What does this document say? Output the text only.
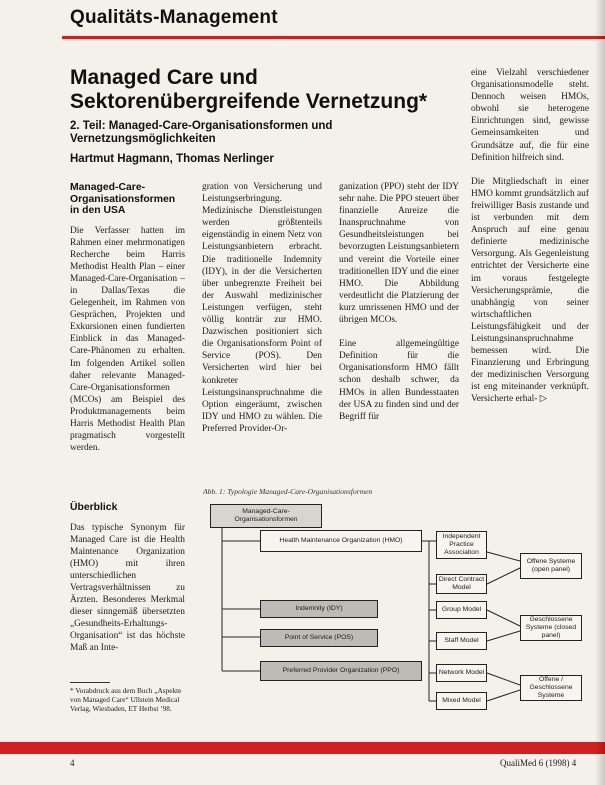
Qualitäts-Management
Managed Care und Sektorenübergreifende Vernetzung*
2. Teil: Managed-Care-Organisationsformen und Vernetzungsmöglichkeiten
Hartmut Hagmann, Thomas Nerlinger
Managed-Care-Organisationsformen in den USA

Die Verfasser hatten im Rahmen einer mehrmonatigen Recherche beim Harris Methodist Health Plan – einer Managed-Care-Organisation – in Dallas/Texas die Gelegenheit, im Rahmen von Gesprächen, Projekten und Exkursionen einen fundierten Einblick in das Managed-Care-Phänomen zu erhalten. Im folgenden Artikel sollen daher relevante Managed-Care-Organisationsformen (MCOs) am Beispiel des Produktmanagements beim Harris Methodist Health Plan pragmatisch vorgestellt werden.

Überblick

Das typische Synonym für Managed Care ist die Health Maintenance Organization (HMO) mit ihren unterschiedlichen Vertragsverhältnissen zu Ärzten. Besonderes Merkmal dieser sinngemäß übersetzten „Gesundheits-Erhaltungs-Organisation“ ist das höchste Maß an Inte-

gration von Versicherung und Leistungserbringung. Medizinische Dienstleistungen werden größtenteils eigenständig in einem Netz von Leistungsanbietern erbracht. Die traditionelle Indemnity (IDY), in der die Versicherten über unbegrenzte Freiheit bei der Auswahl medizinischer Leistungen verfügen, steht völlig konträr zur HMO. Dazwischen positioniert sich die Organisationsform Point of Service (POS). Den Versicherten wird hier bei konkreter Leistungsinanspruchnahme die Option eingeräumt, zwischen IDY und HMO zu wählen. Die Preferred Provider-Or-

ganization (PPO) steht der IDY sehr nahe. Die PPO steuert über finanzielle Anreize die Inanspruchnahme von Gesundheitsleistungen bei bevorzugten Leistungsanbietern und vereint die Vorteile einer traditionellen IDY und die einer HMO. Die Abbildung verdeutlicht die Platzierung der kurz umrissenen HMO und der übrigen MCOs.

Eine allgemeingültige Definition für die Organisationsform HMO fällt schon deshalb schwer, da HMOs in allen Bundesstaaten der USA zu finden sind und der Begriff für

eine Vielzahl verschiedener Organisationsmodelle steht. Dennoch weisen HMOs, obwohl sie heterogene Einrichtungen sind, gewisse Gemeinsamkeiten und Grundsätze auf, die für eine Definition hilfreich sind.

Die Mitgliedschaft in einer HMO kommt grundsätzlich auf freiwilliger Basis zustande und ist verbunden mit dem Anspruch auf eine genau definierte medizinische Versorgung. Als Gegenleistung entrichtet der Versicherte eine im voraus festgelegte Versicherungsprämie, die unabhängig von seiner wirtschaftlichen Leistungsfähigkeit und der Leistungsinanspruchnahme bemessen wird. Die Finanzierung und Erbringung der medizinischen Versorgung ist eng miteinander verknüpft. Versicherte erhal- ▷

* Vorabdruck aus dem Buch „Aspekte von Managed Care“ Ullstein Medical Verlag, Wiesbaden, ET Herbst ’98.
Abb. 1: Typologie Managed-Care-Organisationsformen
Managed-Care-Organisationsformen
Health Maintenance Organization (HMO)
Indemnity (IDY)
Point of Service (POS)
Preferred Provider Organization (PPO)
Independent Practice Association
Direct Contract Model
Group Model
Staff Model
Network Model
Mixed Model
Offene Systeme (open panel)
Geschlossene Systeme (closed panel)
Offene / Geschlossene Systeme
4	QualiMed 6 (1998) 4
